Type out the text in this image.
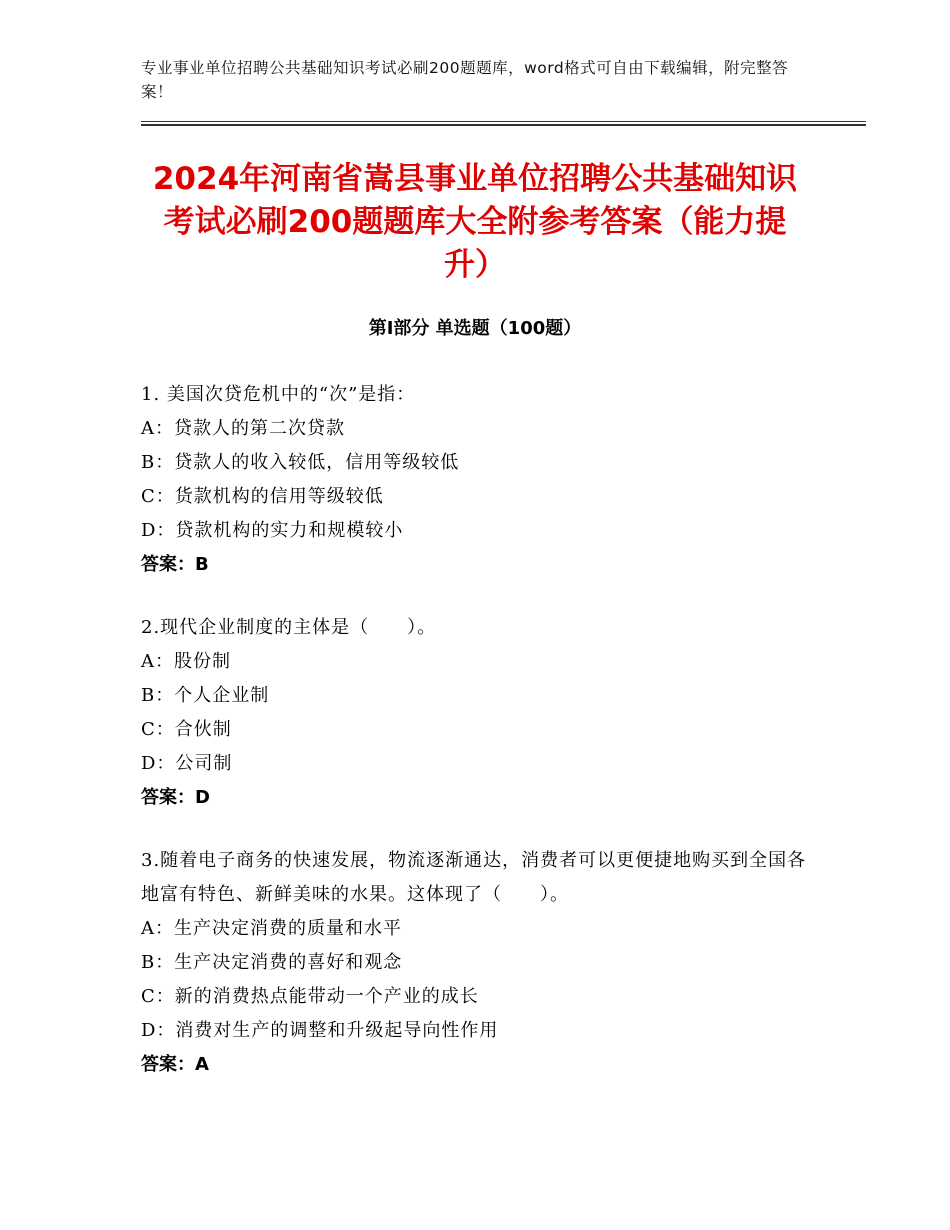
专业事业单位招聘公共基础知识考试必刷200题题库，word格式可自由下载编辑，附完整答案！
2024年河南省嵩县事业单位招聘公共基础知识考试必刷200题题库大全附参考答案（能力提升）
第Ⅰ部分 单选题（100题）

1. 美国次贷危机中的“次”是指：

A：贷款人的第二次贷款

B：贷款人的收入较低，信用等级较低

C：货款机构的信用等级较低

D：贷款机构的实力和规模较小

答案：B

2.现代企业制度的主体是（　　）。

A：股份制

B：个人企业制

C：合伙制

D：公司制

答案：D

3.随着电子商务的快速发展，物流逐渐通达，消费者可以更便捷地购买到全国各地富有特色、新鲜美味的水果。这体现了（　　）。

A：生产决定消费的质量和水平

B：生产决定消费的喜好和观念

C：新的消费热点能带动一个产业的成长

D：消费对生产的调整和升级起导向性作用

答案：A
